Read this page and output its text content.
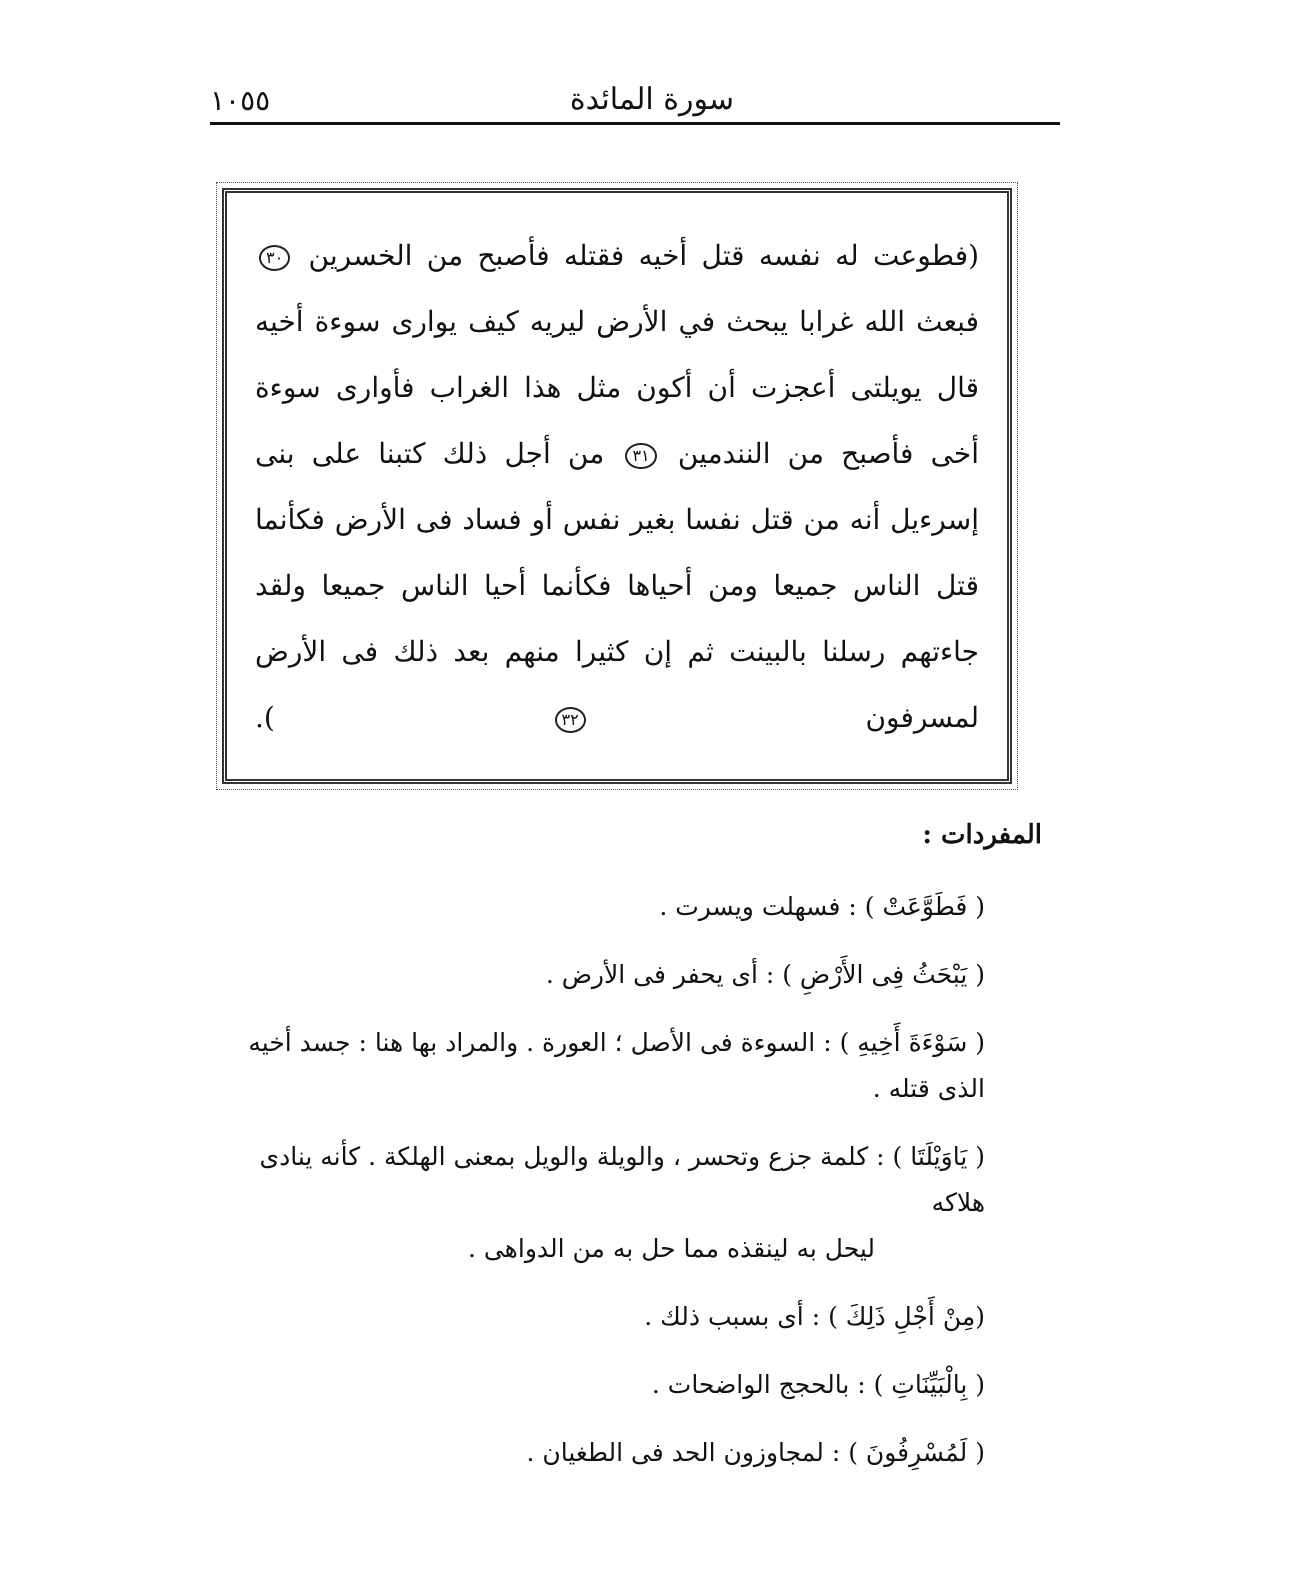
١٠٥٥	سورة المائدة
(فطوعت له نفسه قتل أخيه فقتله فأصبح من الخسرين ٣٠ فبعث الله غرابا يبحث في الأرض ليريه كيف يوارى سوءة أخيه قال يويلتى أعجزت أن أكون مثل هذا الغراب فأوارى سوءة أخى فأصبح من النندمين ٣١ من أجل ذلك كتبنا على بنى إسرءيل أنه من قتل نفسا بغير نفس أو فساد فى الأرض فكأنما قتل الناس جميعا ومن أحياها فكأنما أحيا الناس جميعا ولقد جاءتهم رسلنا بالبينت ثم إن كثيرا منهم بعد ذلك فى الأرض لمسرفون ٣٢ ).
المفردات :
( فَطَوَّعَتْ ) : فسهلت ويسرت .
( يَبْحَثُ فِى الأَرْضِ ) : أى يحفر فى الأرض .
( سَوْءَةَ أَخِيهِ ) : السوءة فى الأصل ؛ العورة . والمراد بها هنا : جسد أخيه الذى قتله .
( يَاوَيْلَتَا ) : كلمة جزع وتحسر ، والويلة والويل بمعنى الهلكة . كأنه ينادى هلاكه
ليحل به لينقذه مما حل به من الدواهى .
(مِنْ أَجْلِ ذَلِكَ ) : أى بسبب ذلك .
( بِالْبَيِّنَاتِ ) : بالحجج الواضحات .
( لَمُسْرِفُونَ ) : لمجاوزون الحد فى الطغيان .
